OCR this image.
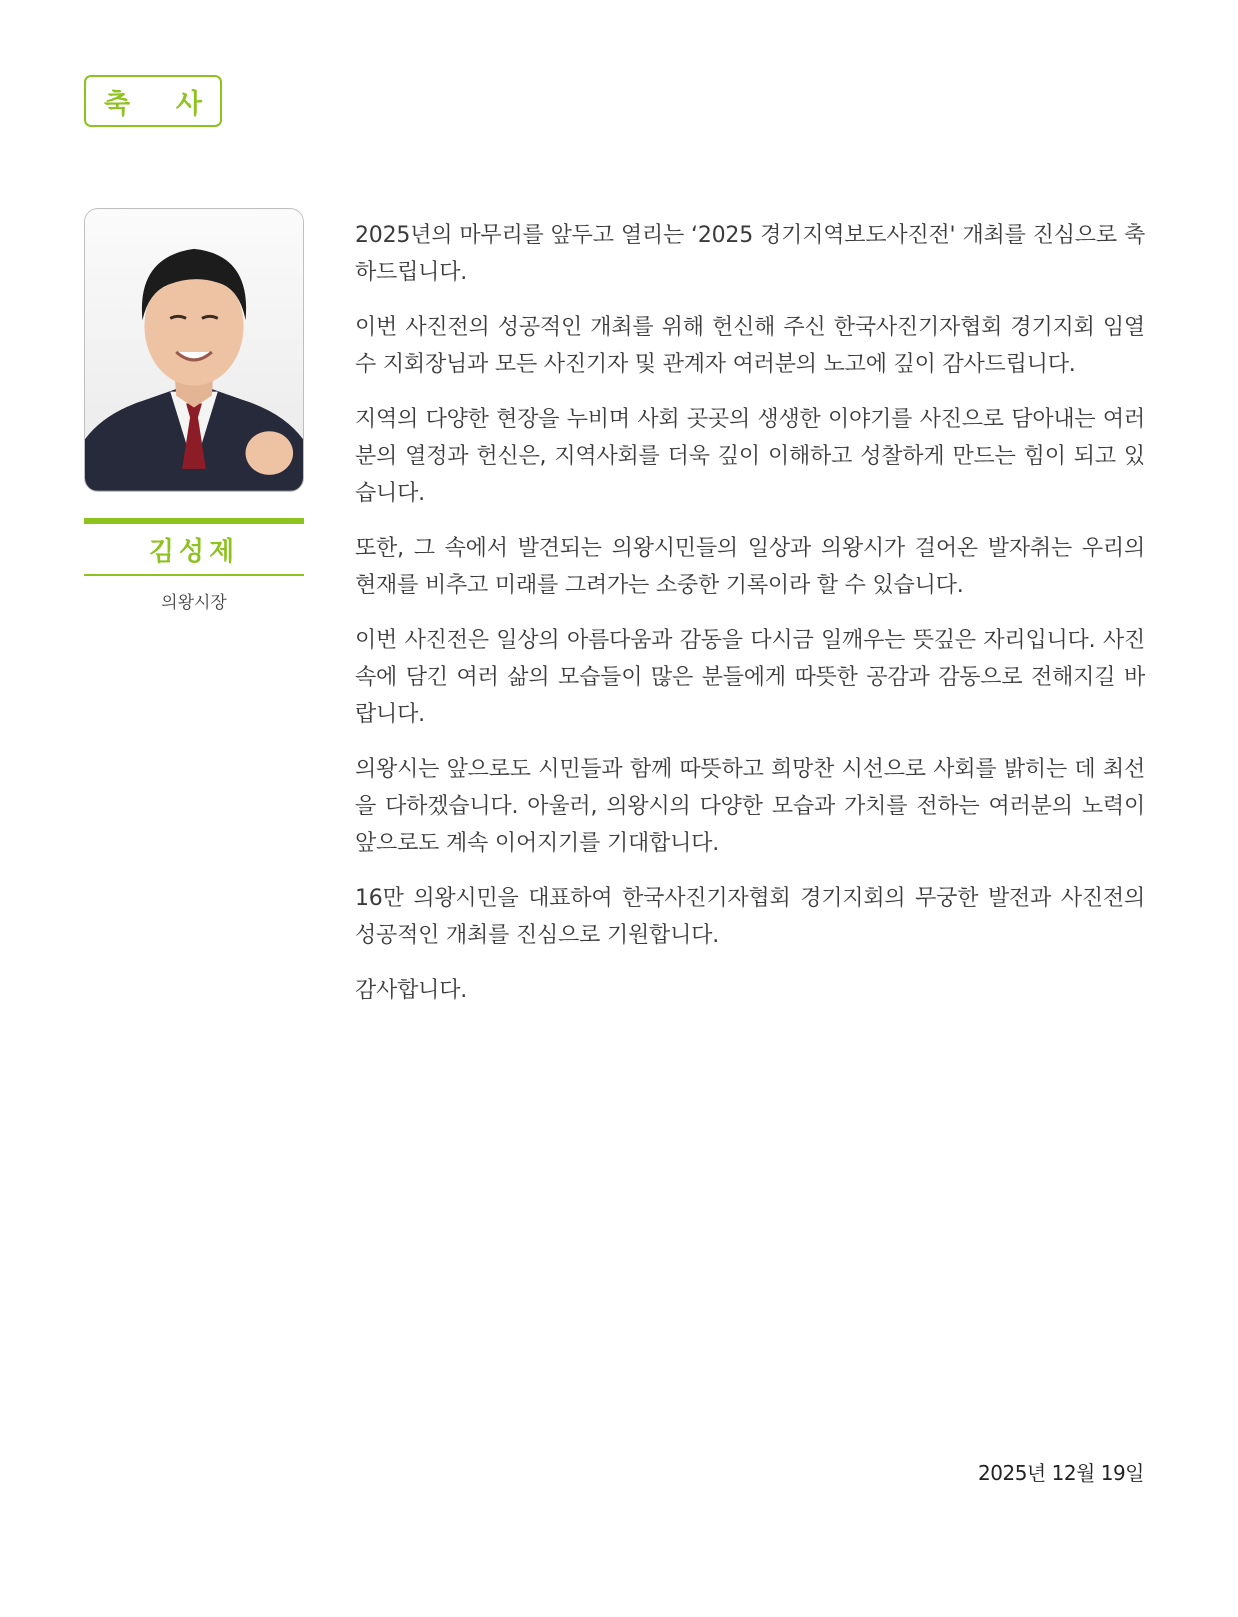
축 사
김성제
의왕시장

2025년의 마무리를 앞두고 열리는 ‘2025 경기지역보도사진전' 개최를 진심으로 축하드립니다.

이번 사진전의 성공적인 개최를 위해 헌신해 주신 한국사진기자협회 경기지회 임열수 지회장님과 모든 사진기자 및 관계자 여러분의 노고에 깊이 감사드립니다.

지역의 다양한 현장을 누비며 사회 곳곳의 생생한 이야기를 사진으로 담아내는 여러분의 열정과 헌신은, 지역사회를 더욱 깊이 이해하고 성찰하게 만드는 힘이 되고 있습니다.

또한, 그 속에서 발견되는 의왕시민들의 일상과 의왕시가 걸어온 발자취는 우리의 현재를 비추고 미래를 그려가는 소중한 기록이라 할 수 있습니다.

이번 사진전은 일상의 아름다움과 감동을 다시금 일깨우는 뜻깊은 자리입니다. 사진 속에 담긴 여러 삶의 모습들이 많은 분들에게 따뜻한 공감과 감동으로 전해지길 바랍니다.

의왕시는 앞으로도 시민들과 함께 따뜻하고 희망찬 시선으로 사회를 밝히는 데 최선을 다하겠습니다. 아울러, 의왕시의 다양한 모습과 가치를 전하는 여러분의 노력이 앞으로도 계속 이어지기를 기대합니다.

16만 의왕시민을 대표하여 한국사진기자협회 경기지회의 무궁한 발전과 사진전의 성공적인 개최를 진심으로 기원합니다.

감사합니다.

2025년 12월 19일
